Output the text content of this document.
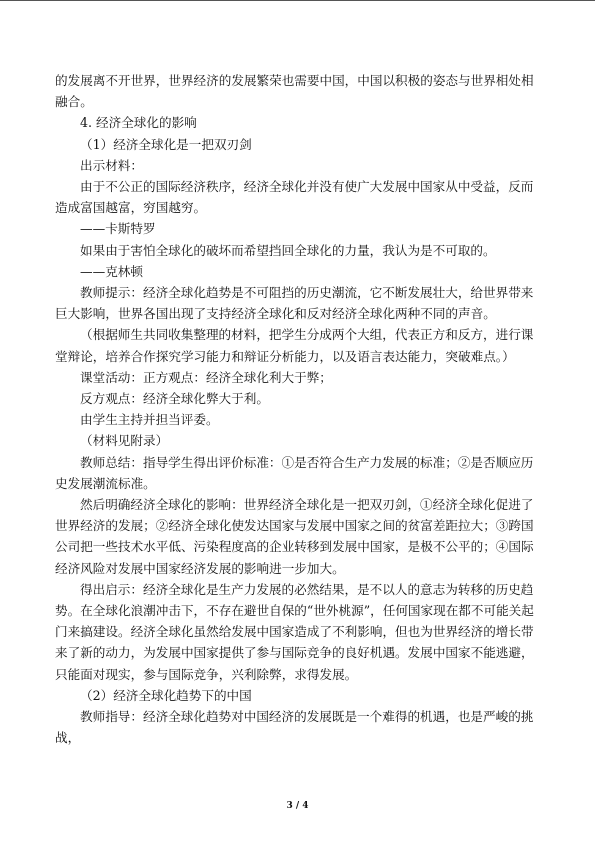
的发展离不开世界，世界经济的发展繁荣也需要中国，中国以积极的姿态与世界相处相融合。

4. 经济全球化的影响

（1）经济全球化是一把双刃剑

出示材料：

由于不公正的国际经济秩序，经济全球化并没有使广大发展中国家从中受益，反而造成富国越富，穷国越穷。

——卡斯特罗

如果由于害怕全球化的破坏而希望挡回全球化的力量，我认为是不可取的。

——克林顿

教师提示：经济全球化趋势是不可阻挡的历史潮流，它不断发展壮大，给世界带来巨大影响，世界各国出现了支持经济全球化和反对经济全球化两种不同的声音。

（根据师生共同收集整理的材料，把学生分成两个大组，代表正方和反方，进行课堂辩论，培养合作探究学习能力和辩证分析能力，以及语言表达能力，突破难点。）

课堂活动：正方观点：经济全球化利大于弊；

反方观点：经济全球化弊大于利。

由学生主持并担当评委。

（材料见附录）

教师总结：指导学生得出评价标准：①是否符合生产力发展的标准；②是否顺应历史发展潮流标准。

然后明确经济全球化的影响：世界经济全球化是一把双刃剑，①经济全球化促进了世界经济的发展；②经济全球化使发达国家与发展中国家之间的贫富差距拉大；③跨国公司把一些技术水平低、污染程度高的企业转移到发展中国家，是极不公平的；④国际经济风险对发展中国家经济发展的影响进一步加大。

得出启示：经济全球化是生产力发展的必然结果，是不以人的意志为转移的历史趋势。在全球化浪潮冲击下，不存在避世自保的“世外桃源”，任何国家现在都不可能关起门来搞建设。经济全球化虽然给发展中国家造成了不利影响，但也为世界经济的增长带来了新的动力，为发展中国家提供了参与国际竞争的良好机遇。发展中国家不能逃避，只能面对现实，参与国际竞争，兴利除弊，求得发展。

（2）经济全球化趋势下的中国

教师指导：经济全球化趋势对中国经济的发展既是一个难得的机遇，也是严峻的挑战，

3 / 4
